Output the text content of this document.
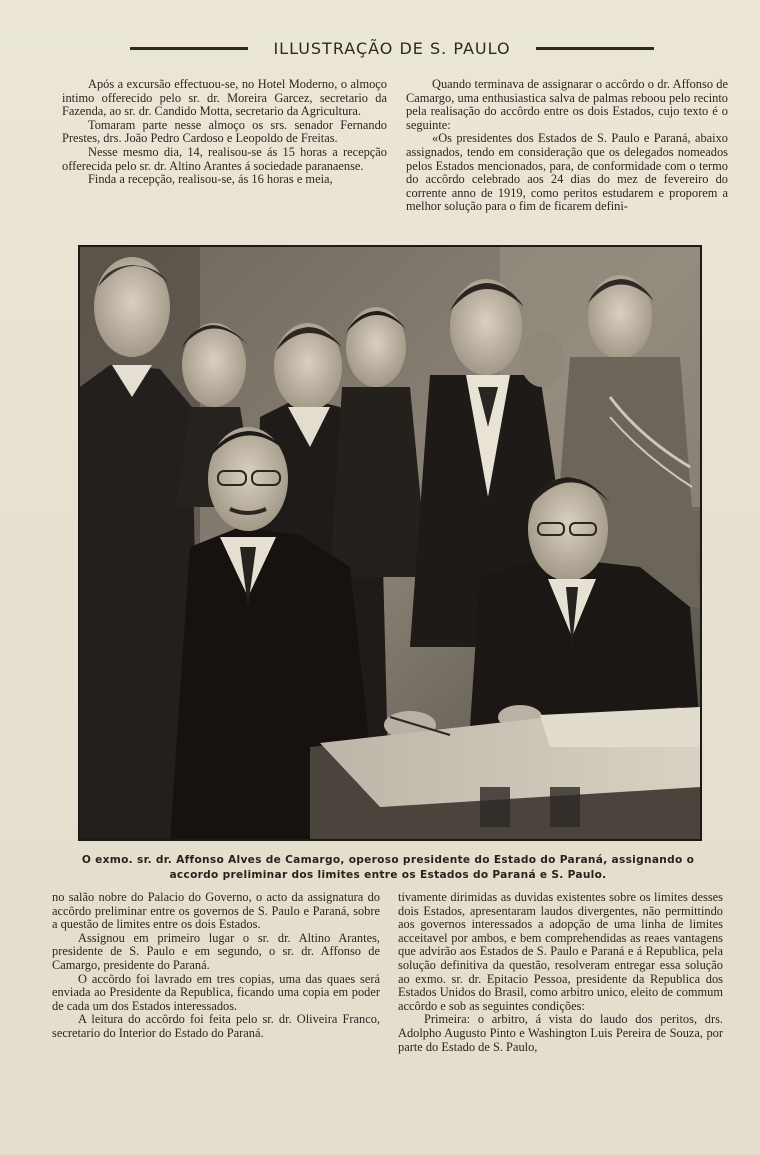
ILLUSTRAÇÃO DE S. PAULO

Após a excursão effectuou-se, no Hotel Moderno, o almoço intimo offerecido pelo sr. dr. Moreira Garcez, secretario da Fazenda, ao sr. dr. Candido Motta, secretario da Agricultura.

Tomaram parte nesse almoço os srs. senador Fernando Prestes, drs. João Pedro Cardoso e Leopoldo de Freitas.

Nesse mesmo dia, 14, realisou-se ás 15 horas a recepção offerecida pelo sr. dr. Altino Arantes á sociedade paranaense.

Finda a recepção, realisou-se, ás 16 horas e meia,

Quando terminava de assignarar o accôrdo o dr. Affonso de Camargo, uma enthusiastica salva de palmas reboou pelo recinto pela realisação do accôrdo entre os dois Estados, cujo texto é o seguinte:

«Os presidentes dos Estados de S. Paulo e Paraná, abaixo assignados, tendo em consideração que os delegados nomeados pelos Estados mencionados, para, de conformidade com o termo do accôrdo celebrado aos 24 dias do mez de fevereiro do corrente anno de 1919, como peritos estudarem e proporem a melhor solução para o fim de ficarem defini-

O exmo. sr. dr. Affonso Alves de Camargo, operoso presidente do Estado do Paraná, assignando o accordo preliminar dos limites entre os Estados do Paraná e S. Paulo.

no salão nobre do Palacio do Governo, o acto da assignatura do accôrdo preliminar entre os governos de S. Paulo e Paraná, sobre a questão de limites entre os dois Estados.

Assignou em primeiro lugar o sr. dr. Altino Arantes, presidente de S. Paulo e em segundo, o sr. dr. Affonso de Camargo, presidente do Paraná.

O accôrdo foi lavrado em tres copias, uma das quaes será enviada ao Presidente da Republica, ficando uma copia em poder de cada um dos Estados interessados.

A leitura do accôrdo foi feita pelo sr. dr. Oliveira Franco, secretario do Interior do Estado do Paraná.

tivamente dirimidas as duvidas existentes sobre os limites desses dois Estados, apresentaram laudos divergentes, não permittindo aos governos interessados a adopção de uma linha de limites acceitavel por ambos, e bem comprehendidas as reaes vantagens que advirão aos Estados de S. Paulo e Paraná e á Republica, pela solução definitiva da questão, resolveram entregar essa solução ao exmo. sr. dr. Epitacio Pessoa, presidente da Republica dos Estados Unidos do Brasil, como arbitro unico, eleito de commum accôrdo e sob as seguintes condições:

Primeira: o arbitro, á vista do laudo dos peritos, drs. Adolpho Augusto Pinto e Washington Luis Pereira de Souza, por parte do Estado de S. Paulo,
